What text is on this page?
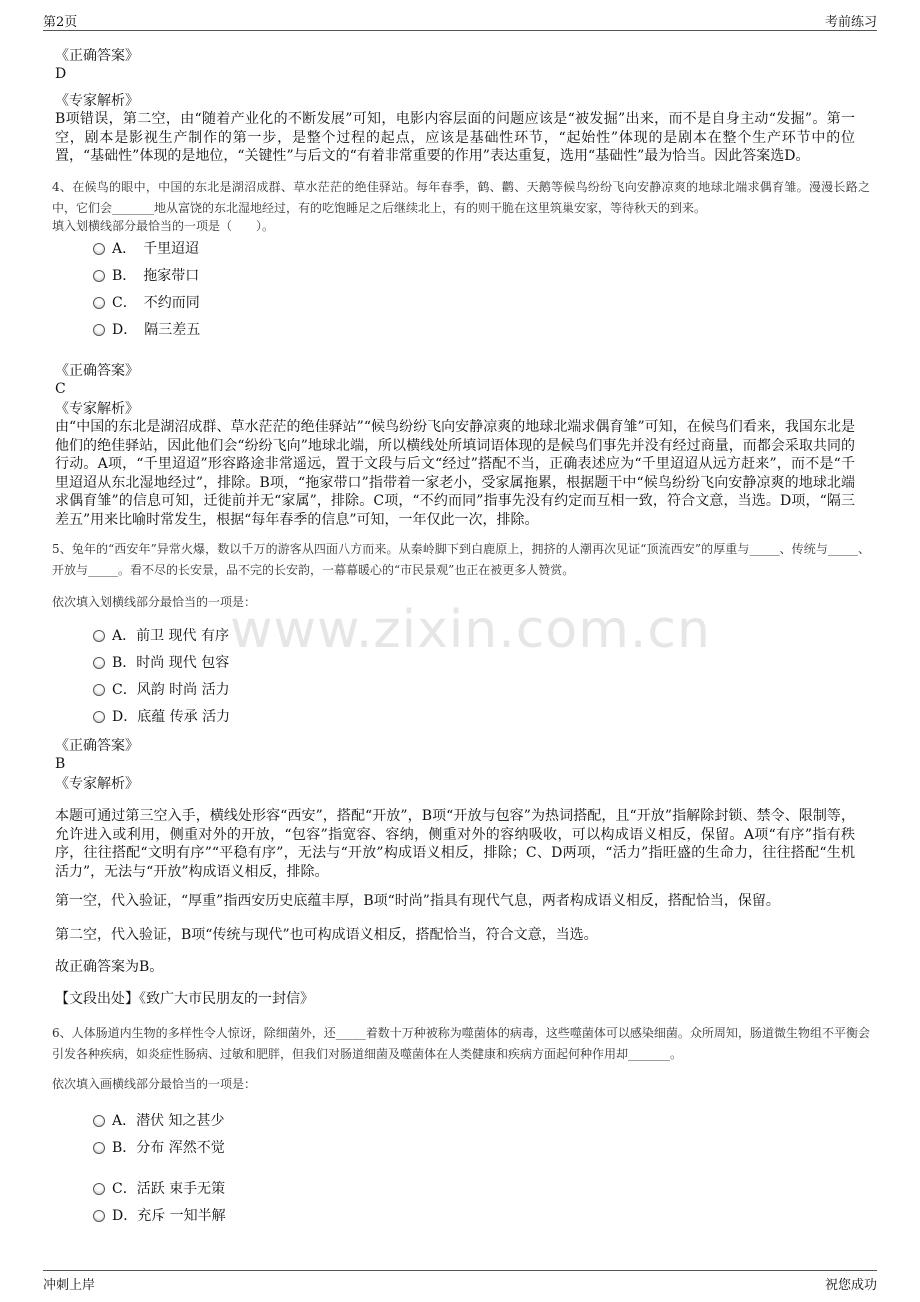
第2页	考前练习
www.zixin.com.cn

《正确答案》

D

《专家解析》

B项错误，第二空，由“随着产业化的不断发展”可知，电影内容层面的问题应该是“被发掘”出来，而不是自身主动“发掘”。第一空，剧本是影视生产制作的第一步，是整个过程的起点，应该是基础性环节，“起始性”体现的是剧本在整个生产环节中的位置，“基础性”体现的是地位，“关键性”与后文的“有着非常重要的作用”表达重复，选用“基础性”最为恰当。因此答案选D。

4、在候鸟的眼中，中国的东北是湖沼成群、草水茫茫的绝佳驿站。每年春季，鹤、鹳、天鹅等候鸟纷纷飞向安静凉爽的地球北端求偶育雏。漫漫长路之中，它们会_______地从富饶的东北湿地经过，有的吃饱睡足之后继续北上，有的则干脆在这里筑巢安家，等待秋天的到来。

填入划横线部分最恰当的一项是（　　）。

A．　千里迢迢
B．　拖家带口
C．　不约而同
D．　隔三差五

《正确答案》

C

《专家解析》

由“中国的东北是湖沼成群、草水茫茫的绝佳驿站”“候鸟纷纷飞向安静凉爽的地球北端求偶育雏”可知，在候鸟们看来，我国东北是他们的绝佳驿站，因此他们会“纷纷飞向”地球北端，所以横线处所填词语体现的是候鸟们事先并没有经过商量，而都会采取共同的行动。A项，“千里迢迢”形容路途非常遥远，置于文段与后文“经过”搭配不当，正确表述应为“千里迢迢从远方赶来”，而不是“千里迢迢从东北湿地经过”，排除。B项，“拖家带口”指带着一家老小，受家属拖累，根据题干中“候鸟纷纷飞向安静凉爽的地球北端求偶育雏”的信息可知，迁徙前并无“家属”，排除。C项，“不约而同”指事先没有约定而互相一致，符合文意，当选。D项，“隔三差五”用来比喻时常发生，根据“每年春季的信息”可知，一年仅此一次，排除。

5、兔年的“西安年”异常火爆，数以千万的游客从四面八方而来。从秦岭脚下到白鹿原上，拥挤的人潮再次见证“顶流西安”的厚重与_____、传统与_____、开放与_____。看不尽的长安景，品不完的长安韵，一幕幕暖心的“市民景观”也正在被更多人赞赏。

依次填入划横线部分最恰当的一项是：

A．前卫 现代 有序
B．时尚 现代 包容
C．风韵 时尚 活力
D．底蕴 传承 活力

《正确答案》

B

《专家解析》

本题可通过第三空入手，横线处形容“西安”，搭配“开放”，B项“开放与包容”为热词搭配，且“开放”指解除封锁、禁令、限制等，允许进入或利用，侧重对外的开放，“包容”指宽容、容纳，侧重对外的容纳吸收，可以构成语义相反，保留。A项“有序”指有秩序，往往搭配“文明有序”“平稳有序”，无法与“开放”构成语义相反，排除；C、D两项，“活力”指旺盛的生命力，往往搭配“生机活力”，无法与“开放”构成语义相反，排除。

第一空，代入验证，“厚重”指西安历史底蕴丰厚，B项“时尚”指具有现代气息，两者构成语义相反，搭配恰当，保留。

第二空，代入验证，B项“传统与现代”也可构成语义相反，搭配恰当，符合文意，当选。

故正确答案为B。

【文段出处】《致广大市民朋友的一封信》

6、人体肠道内生物的多样性令人惊讶，除细菌外，还_____着数十万种被称为噬菌体的病毒，这些噬菌体可以感染细菌。众所周知，肠道微生物组不平衡会引发各种疾病，如炎症性肠病、过敏和肥胖，但我们对肠道细菌及噬菌体在人类健康和疾病方面起何种作用却_______。

依次填入画横线部分最恰当的一项是：

A．潜伏 知之甚少
B．分布 浑然不觉
C．活跃 束手无策
D．充斥 一知半解
冲刺上岸	祝您成功
